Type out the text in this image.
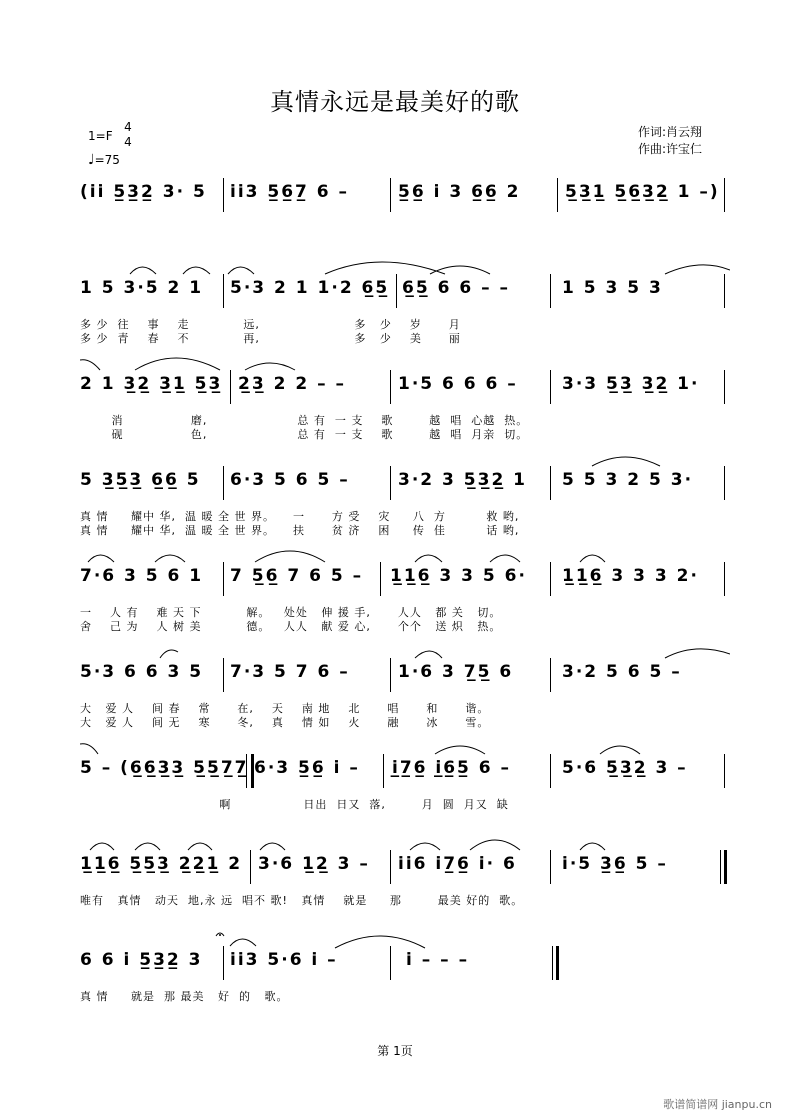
真情永远是最美好的歌
1=F
4
4
♩=75
作词:肖云翔
作曲:许宝仁
(i̇i̇ 5̲3̲2̲ 3· 5 i̇i̇3 5̲6̲7̲ 6 –	5̲6̲ i̇ 3 6̲6̲ 2	5̲3̲1̲ 5̲6̲3̲2̲ 1 –)
1 5 3·5 2 1 5·3 2 1 1·2 6̲5̲ 6̲5̲ 6 6 – –	1 5 3 5 3
多 少  往    事    走            远,                     多   少    岁      月
多 少  青    春    不            再,                     多   少    美      丽
2 1 3̲2̲ 3̲1̲ 5̲3̲ 2̲3̲ 2 2 – –	1·5 6 6 6 –	3·3 5̲3̲ 3̲2̲ 1·
消               磨,                    总 有  一 支    歌        越  唱  心越  热。
砚               色,                    总 有  一 支    歌        越  唱  月亲  切。
5 3̲5̲3̲ 6̲6̲ 5 6·3 5 6 5 –	3·2 3 5̲3̲2̲ 1 5 5 3 2 5 3·
真 情     耀中 华,  温 暖 全 世 界。    一      方 受    灾     八  方         救 哟,
真 情     耀中 华,  温 暖 全 世 界。    扶      贫 济    困     传  佳         话 哟,
7·6 3 5 6 1 7 5̲6̲ 7 6 5 – 1̲1̲6̲ 3 3 5 6· 1̲1̲6̲ 3 3 3 2·
一    人 有    难 天 下          解。   处处   伸 援 手,      人人   都 关   切。
舍    己 为    人 树 美          德。   人人   献 爱 心,      个个   送 炽   热。
5·3 6 6 3 5 7·3 5 7 6 –	1·6 3 7̲5̲ 6	3·2 5 6 5 –
大   爱 人    间 春    常      在,    天    南 地    北      唱      和      谐。
大   爱 人    间 无    寒      冬,    真    情 如    火      融      冰      雪。
5 – (6̲6̲3̲3̲ 5̲5̲7̲7̲ 6·3 5̲6̲ i̇ – i̲̇7̲6̲ i̲̇6̲5̲ 6 –	5·6 5̲3̲2̲ 3 –
啊                日出  日又  落,        月  圆  月又  缺
1̲1̲6̲ 5̲5̲3̲ 2̲2̲1̲ 2 3·6 1̲2̲ 3 – i̇i̇6 i̇7̲6̲ i̇· 6	i̇·5 3̲6̲ 5 –
唯有   真情   动天  地,永 远  唱不 歌!   真情    就是     那        最美 好的  歌。
6 6 i̇ 5̲3̲2̲ 3 i̇i̇3 5·6 i̇ –	i̇ – – –
真 情     就是  那 最美   好  的   歌。
第 1页
歌谱简谱网 jianpu.cn
